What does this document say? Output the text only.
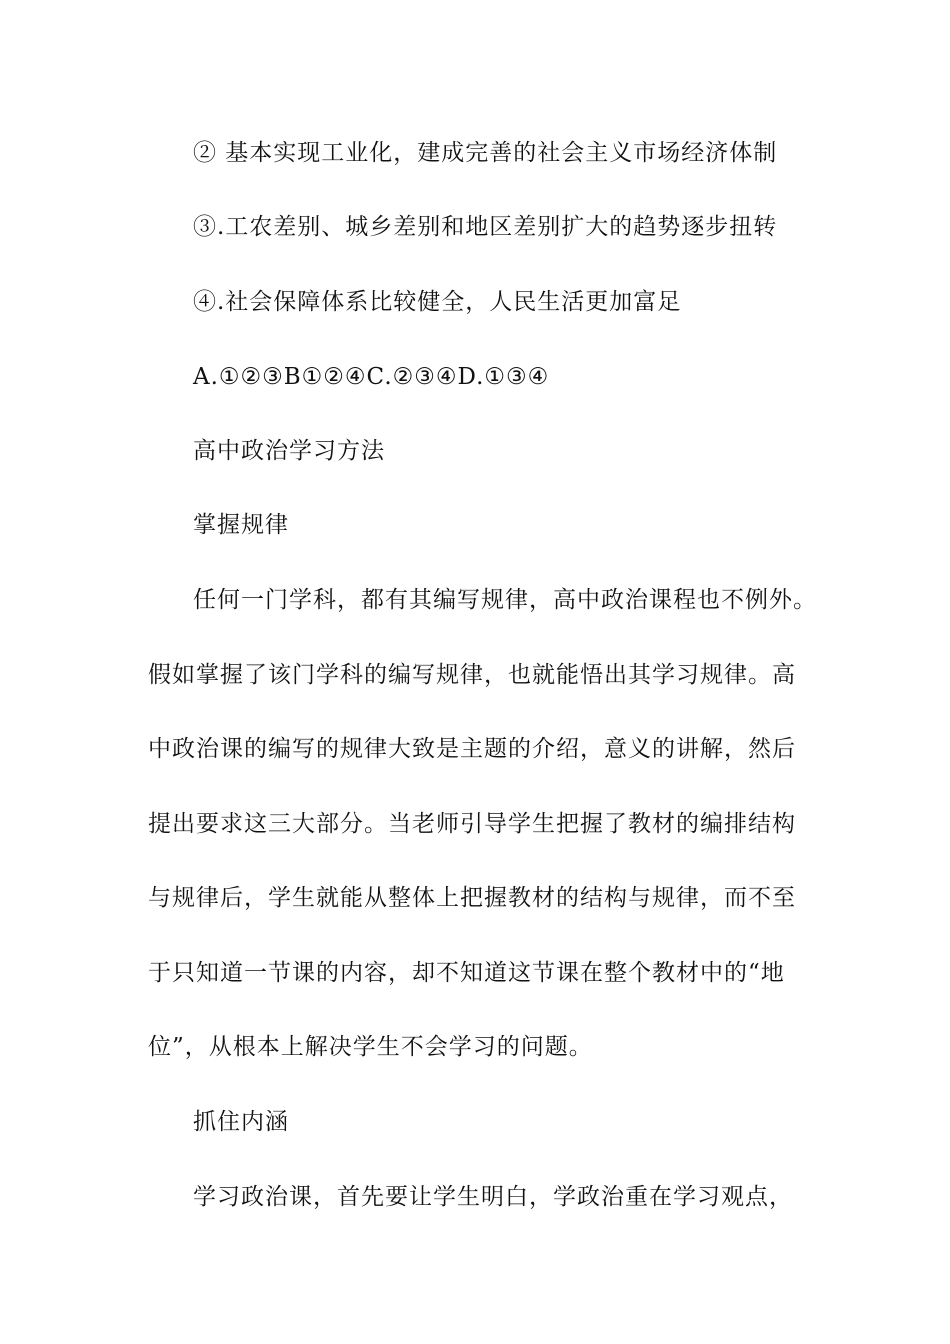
② 基本实现工业化，建成完善的社会主义市场经济体制
③.工农差别、城乡差别和地区差别扩大的趋势逐步扭转
④.社会保障体系比较健全，人民生活更加富足
A.①②③B①②④C.②③④D.①③④
高中政治学习方法
掌握规律
任何一门学科，都有其编写规律，高中政治课程也不例外。
假如掌握了该门学科的编写规律，也就能悟出其学习规律。高
中政治课的编写的规律大致是主题的介绍，意义的讲解，然后
提出要求这三大部分。当老师引导学生把握了教材的编排结构
与规律后，学生就能从整体上把握教材的结构与规律，而不至
于只知道一节课的内容，却不知道这节课在整个教材中的“地
位”，从根本上解决学生不会学习的问题。
抓住内涵
学习政治课，首先要让学生明白，学政治重在学习观点，
